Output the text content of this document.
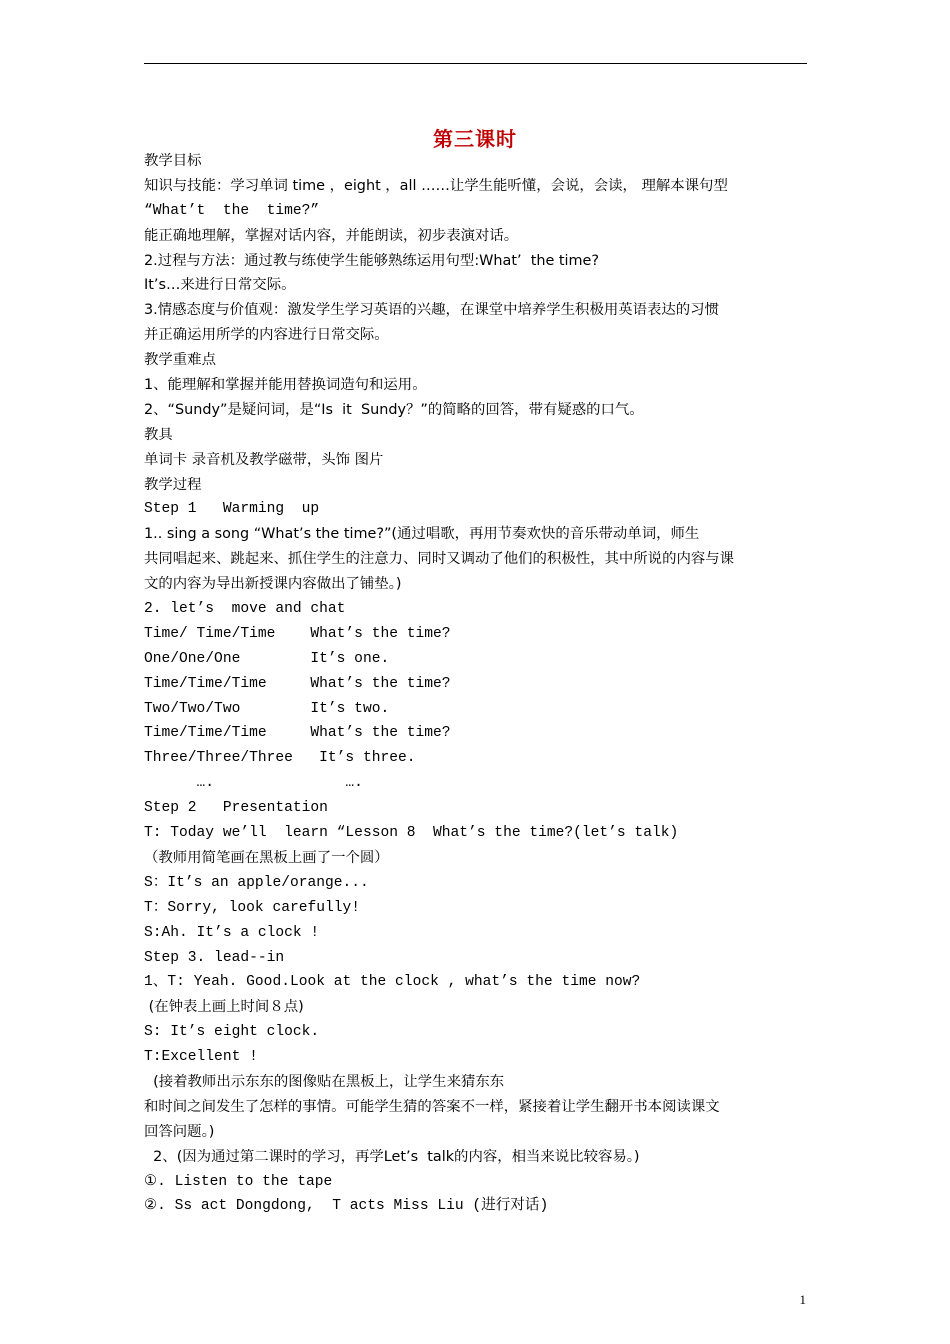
第三课时
教学目标
知识与技能：学习单词 time ，eight ，all ……让学生能听懂，会说，会读， 理解本课句型
“What’t  the  time?”
能正确地理解，掌握对话内容，并能朗读，初步表演对话。
2.过程与方法：通过教与练使学生能够熟练运用句型:What’  the time?
It’s…来进行日常交际。
3.情感态度与价值观：激发学生学习英语的兴趣，在课堂中培养学生积极用英语表达的习惯
并正确运用所学的内容进行日常交际。
教学重难点
1、能理解和掌握并能用替换词造句和运用。
2、“Sundy”是疑问词，是“Is  it  Sundy？”的简略的回答，带有疑惑的口气。
教具
单词卡 录音机及教学磁带，头饰 图片
教学过程
Step 1   Warming  up
1.. sing a song “What’s the time?”(通过唱歌，再用节奏欢快的音乐带动单词，师生
共同唱起来、跳起来、抓住学生的注意力、同时又调动了他们的积极性，其中所说的内容与课
文的内容为导出新授课内容做出了铺垫。)
2. let’s  move and chat
Time/ Time/Time    What’s the time?
One/One/One        It’s one.
Time/Time/Time     What’s the time?
Two/Two/Two        It’s two.
Time/Time/Time     What’s the time?
Three/Three/Three   It’s three.
….               ….
Step 2   Presentation
T: Today we’ll  learn “Lesson 8  What’s the time?(let’s talk)
（教师用简笔画在黑板上画了一个圆）
S：It’s an apple/orange...
T：Sorry, look carefully!
S:Ah. It’s a clock !
Step 3. lead--in
1、T: Yeah. Good.Look at the clock , what’s the time now?
(在钟表上画上时间８点)
S: It’s eight clock.
T:Excellent !
(接着教师出示东东的图像贴在黑板上，让学生来猜东东
和时间之间发生了怎样的事情。可能学生猜的答案不一样，紧接着让学生翻开书本阅读课文
回答问题。)
2、(因为通过第二课时的学习，再学Let’s  talk的内容，相当来说比较容易。)
①. Listen to the tape
②. Ss act Dongdong,  T acts Miss Liu (进行对话)
1
